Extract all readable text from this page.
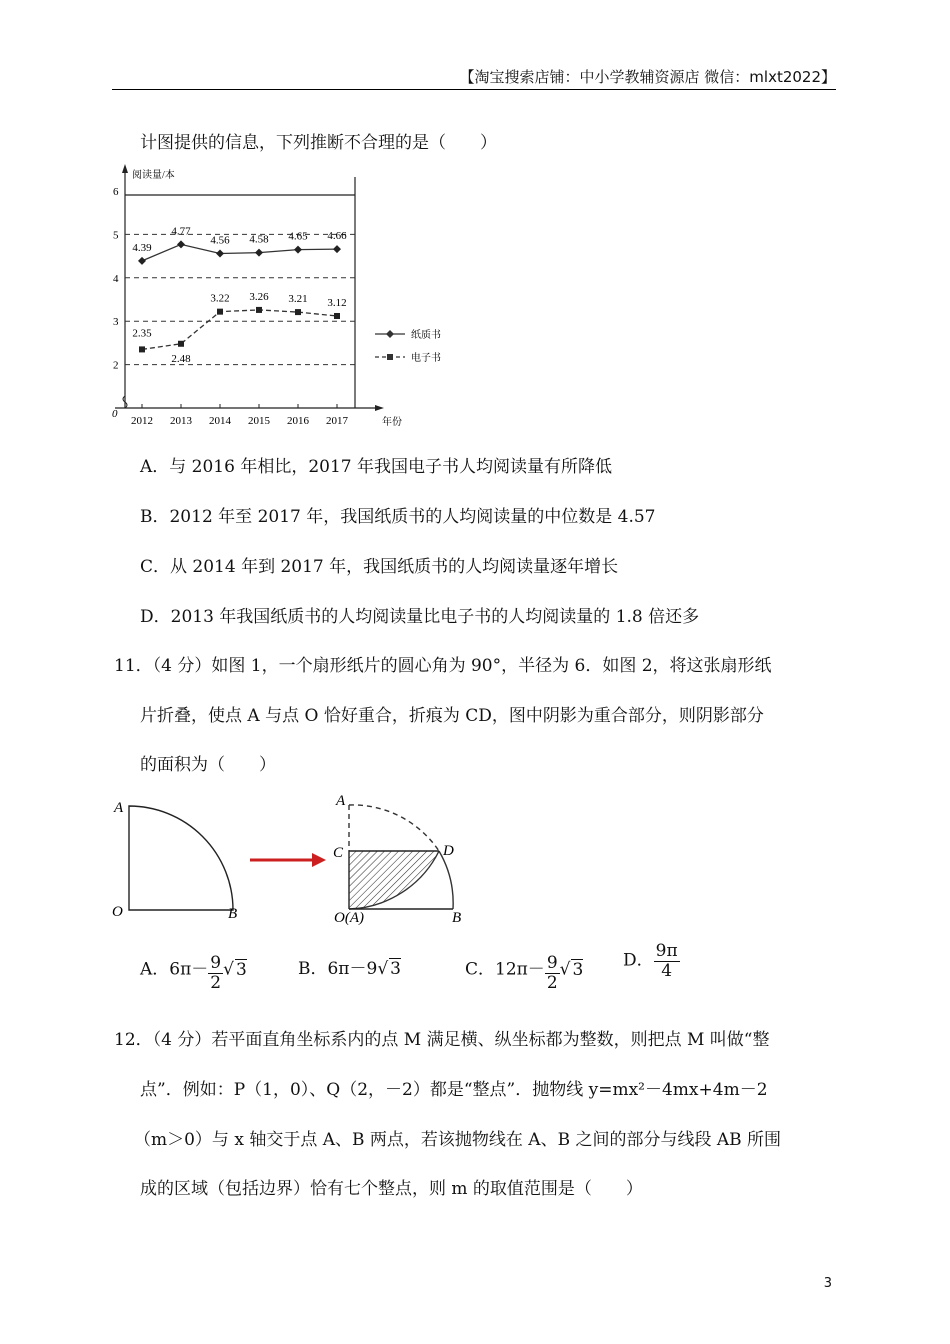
【淘宝搜索店铺：中小学教辅资源店 微信：mlxt2022】
计图提供的信息，下列推断不合理的是（　　）
0
2
3
4
5
6
2012 2013 2014 2015 2016 2017
4.39
4.77
4.56 4.58 4.65 4.66
2.35
2.48
3.22 3.26 3.21 3.12
阅读量/本
年份
纸质书
电子书
A．与 2016 年相比，2017 年我国电子书人均阅读量有所降低
B．2012 年至 2017 年，我国纸质书的人均阅读量的中位数是 4.57
C．从 2014 年到 2017 年，我国纸质书的人均阅读量逐年增长
D．2013 年我国纸质书的人均阅读量比电子书的人均阅读量的 1.8 倍还多
11．（4 分）如图 1，一个扇形纸片的圆心角为 90°，半径为 6．如图 2，将这张扇形纸
片折叠，使点 A 与点 O 恰好重合，折痕为 CD，图中阴影为重合部分，则阴影部分
的面积为（　　）
A
O	B
A
C	D
O(A)	B
A．$6\pi- \frac{9}{2}$ √ 3	B．6π－9√ 3	C．$12\pi- \frac{9}{2}$ √ 3 D． $\frac{9\pi}{4}$
12．（4 分）若平面直角坐标系内的点 M 满足横、纵坐标都为整数，则把点 M 叫做“整
点”．例如：P（1，0）、Q（2，－2）都是“整点”．抛物线 y=mx²－4mx+4m－2
（m＞0）与 x 轴交于点 A、B 两点，若该抛物线在 A、B 之间的部分与线段 AB 所围
成的区域（包括边界）恰有七个整点，则 m 的取值范围是（　　）
3
